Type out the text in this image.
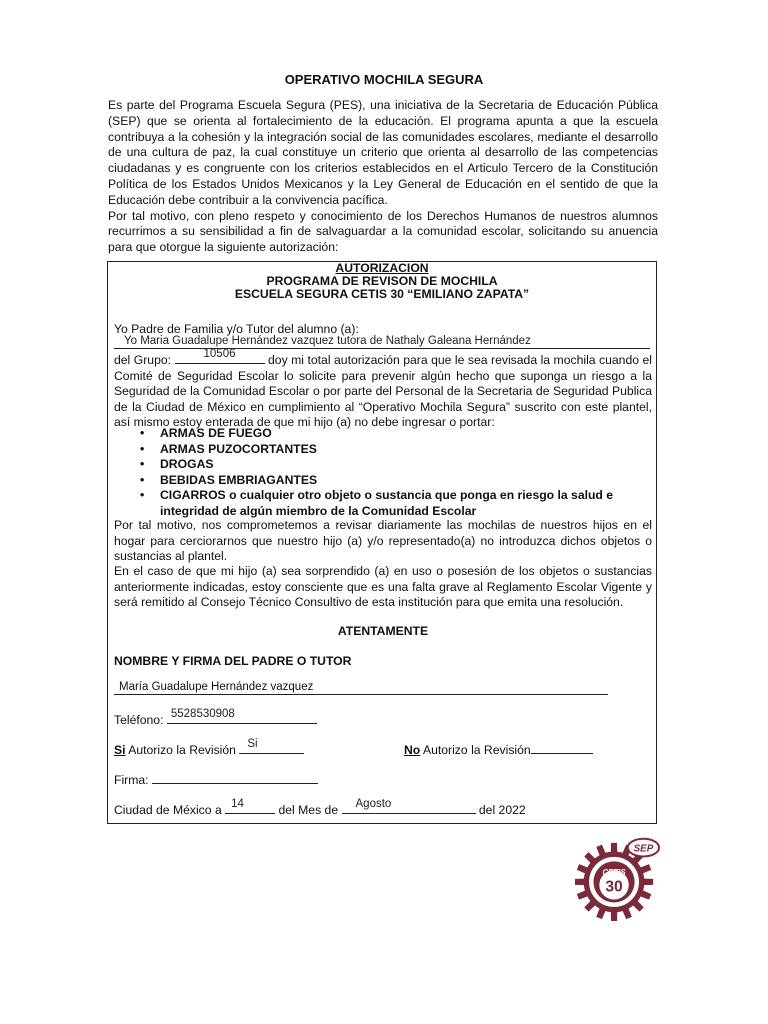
OPERATIVO MOCHILA SEGURA

Es parte del Programa Escuela Segura (PES), una iniciativa de la Secretaria de Educación Pública (SEP) que se orienta al fortalecimiento de la educación. El programa apunta a que la escuela contribuya a la cohesión y la integración social de las comunidades escolares, mediante el desarrollo de una cultura de paz, la cual constituye un criterio que orienta al desarrollo de las competencias ciudadanas y es congruente con los criterios establecidos en el Articulo Tercero de la Constitución Política de los Estados Unidos Mexicanos y la Ley General de Educación en el sentido de que la Educación debe contribuir a la convivencia pacífica.

Por tal motivo, con pleno respeto y conocimiento de los Derechos Humanos de nuestros alumnos recurrimos a su sensibilidad a fin de salvaguardar a la comunidad escolar, solicitando su anuencia para que otorgue la siguiente autorización:

AUTORIZACION
PROGRAMA DE REVISON DE MOCHILA
ESCUELA SEGURA CETIS 30 “EMILIANO ZAPATA”
Yo Padre de Familia y/o Tutor del alumno (a):
Yo Maria Guadalupe Hernández vazquez tutora de Nathaly Galeana Hernández
del Grupo:	10506	doy mi total autorización para que le sea revisada la mochila cuando el Comité de Seguridad Escolar lo solicite para prevenir algún hecho que suponga un riesgo a la Seguridad de la Comunidad Escolar o por parte del Personal de la Secretaria de Seguridad Publica de la Ciudad de México en cumplimiento al “Operativo Mochila Segura” suscrito con este plantel, así mismo estoy enterada de que mi hijo (a) no debe ingresar o portar:
• ARMAS DE FUEGO
• ARMAS PUZOCORTANTES
• DROGAS
• BEBIDAS EMBRIAGANTES
• CIGARROS o cualquier otro objeto o sustancia que ponga en riesgo la salud e integridad de algún miembro de la Comunidad Escolar
Por tal motivo, nos comprometemos a revisar diariamente las mochilas de nuestros hijos en el hogar para cerciorarnos que nuestro hijo (a) y/o representado(a) no introduzca dichos objetos o sustancias al plantel.
En el caso de que mi hijo (a) sea sorprendido (a) en uso o posesión de los objetos o sustancias anteriormente indicadas, estoy consciente que es una falta grave al Reglamento Escolar Vigente y será remitido al Consejo Técnico Consultivo de esta institución para que emita una resolución.
ATENTAMENTE
NOMBRE Y FIRMA DEL PADRE O TUTOR
María Guadalupe Hernández vazquez
Teléfono: 5528530908
Si Autorizo la Revisión Si	No Autorizo la Revisión
Firma:
Ciudad de México a 14	del Mes de Agosto	del 2022
CETIS
30
SEP
